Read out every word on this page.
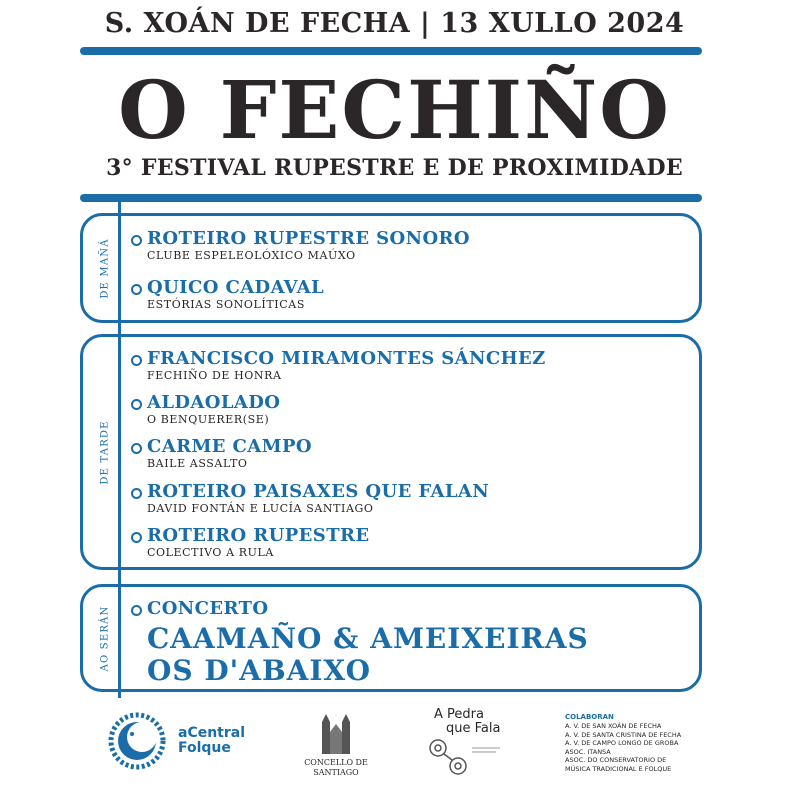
S. XOÁN DE FECHA | 13 XULLO 2024
O FECHIÑO
3° FESTIVAL RUPESTRE E DE PROXIMIDADE
DE MAÑÁ ROTEIRO RUPESTRE SONORO
CLUBE ESPELEOLÓXICO MAÚXO
QUICO CADAVAL
ESTÓRIAS SONOLÍTICAS
DE TARDE
FRANCISCO MIRAMONTES SÁNCHEZ
FECHIÑO DE HONRA
ALDAOLADO
O BENQUERER(SE)
CARME CAMPO
BAILE ASSALTO
ROTEIRO PAISAXES QUE FALAN
DAVID FONTÁN E LUCÍA SANTIAGO
ROTEIRO RUPESTRE
COLECTIVO A RULA
AO SERÁN CONCERTO
CAAMAÑO & AMEIXEIRAS
OS D'ABAIXO
aCentral
Folque
CONCELLO DE
SANTIAGO
A Pedra
que Fala
COLABORAN
A. V. DE SAN XOÁN DE FECHA
A. V. DE SANTA CRISTINA DE FECHA
A. V. DE CAMPO LONGO DE GROBA
ASOC. ITANSA
ASOC. DO CONSERVATORIO DE
MÚSICA TRADICIONAL E FOLQUE
